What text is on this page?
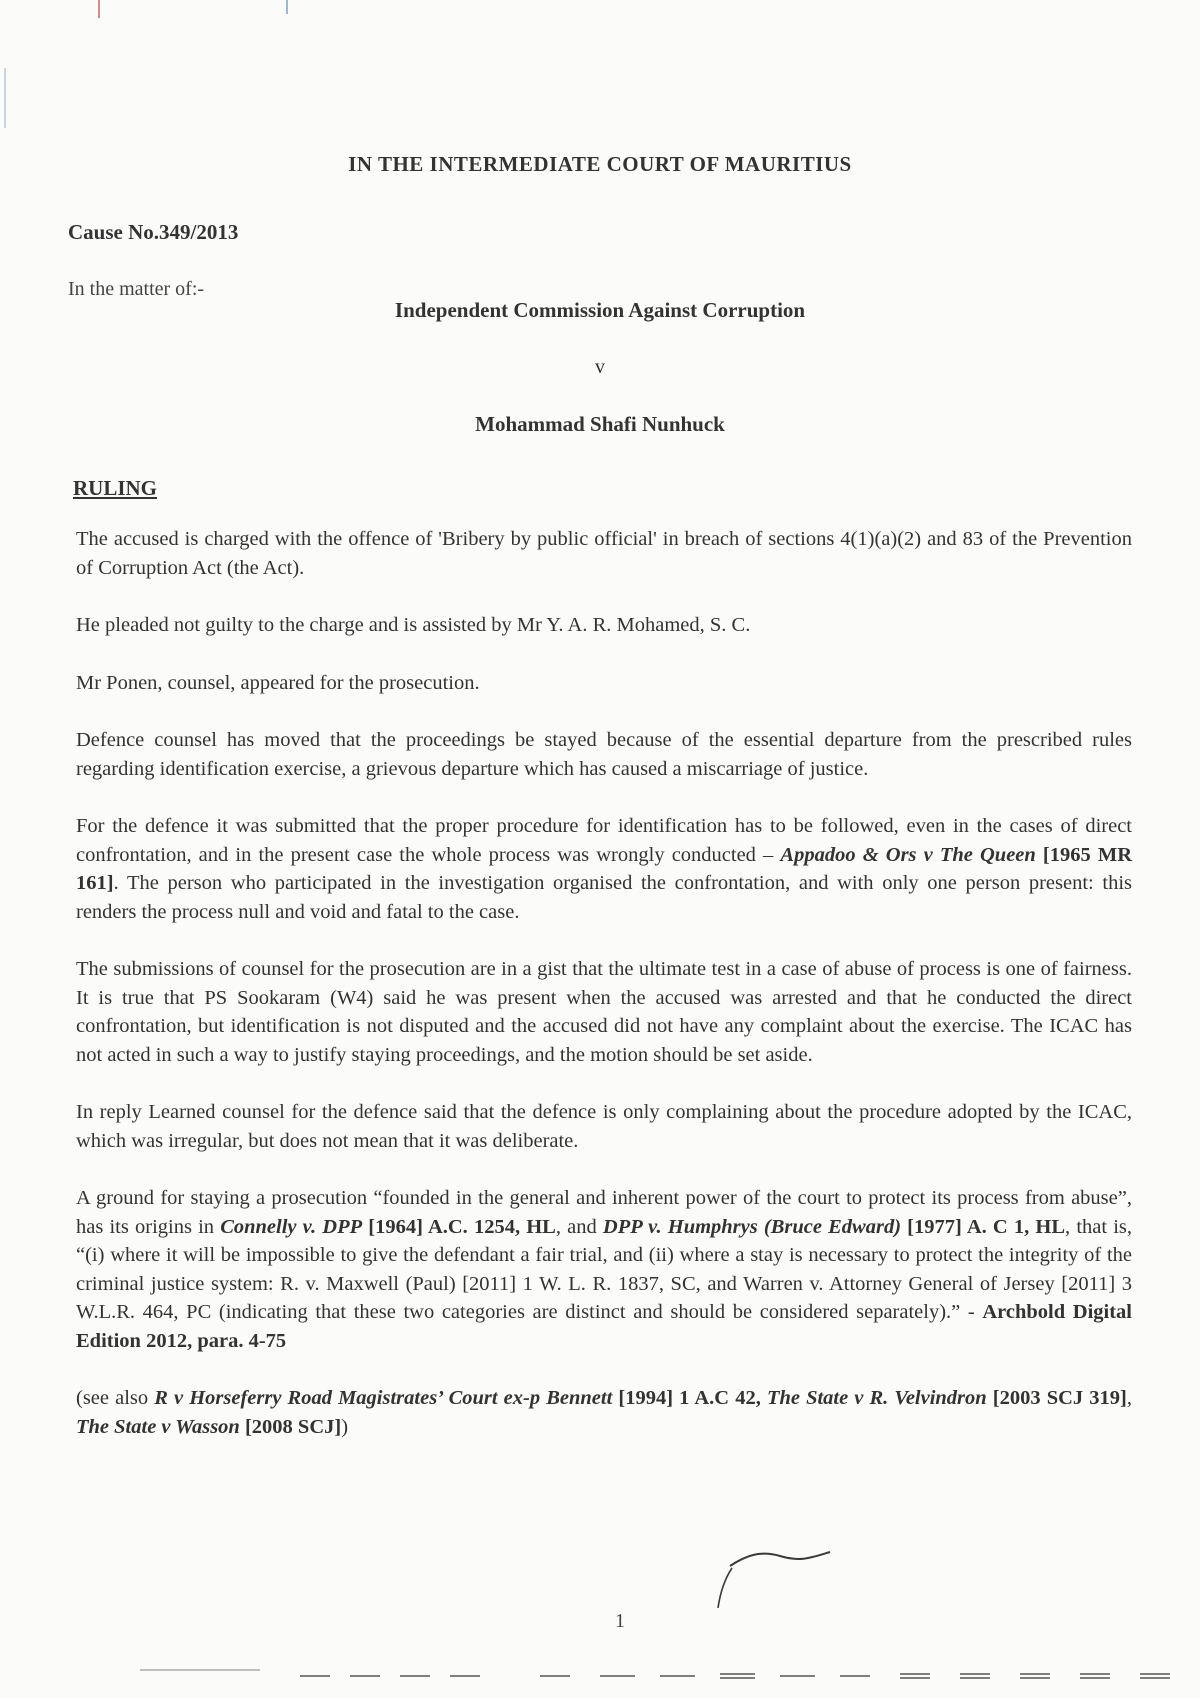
IN THE INTERMEDIATE COURT OF MAURITIUS
Cause No.349/2013
In the matter of:-
Independent Commission Against Corruption
v
Mohammad Shafi Nunhuck
RULING

The accused is charged with the offence of 'Bribery by public official' in breach of sections 4(1)(a)(2) and 83 of the Prevention of Corruption Act (the Act).

He pleaded not guilty to the charge and is assisted by Mr Y. A. R. Mohamed, S. C.

Mr Ponen, counsel, appeared for the prosecution.

Defence counsel has moved that the proceedings be stayed because of the essential departure from the prescribed rules regarding identification exercise, a grievous departure which has caused a miscarriage of justice.

For the defence it was submitted that the proper procedure for identification has to be followed, even in the cases of direct confrontation, and in the present case the whole process was wrongly conducted – Appadoo & Ors v The Queen [1965 MR 161]. The person who participated in the investigation organised the confrontation, and with only one person present: this renders the process null and void and fatal to the case.

The submissions of counsel for the prosecution are in a gist that the ultimate test in a case of abuse of process is one of fairness. It is true that PS Sookaram (W4) said he was present when the accused was arrested and that he conducted the direct confrontation, but identification is not disputed and the accused did not have any complaint about the exercise. The ICAC has not acted in such a way to justify staying proceedings, and the motion should be set aside.

In reply Learned counsel for the defence said that the defence is only complaining about the procedure adopted by the ICAC, which was irregular, but does not mean that it was deliberate.

A ground for staying a prosecution “founded in the general and inherent power of the court to protect its process from abuse”, has its origins in Connelly v. DPP [1964] A.C. 1254, HL, and DPP v. Humphrys (Bruce Edward) [1977] A. C 1, HL, that is, “(i) where it will be impossible to give the defendant a fair trial, and (ii) where a stay is necessary to protect the integrity of the criminal justice system: R. v. Maxwell (Paul) [2011] 1 W. L. R. 1837, SC, and Warren v. Attorney General of Jersey [2011] 3 W.L.R. 464, PC (indicating that these two categories are distinct and should be considered separately).” - Archbold Digital Edition 2012, para. 4-75

(see also R v Horseferry Road Magistrates’ Court ex-p Bennett [1994] 1 A.C 42, The State v R. Velvindron [2003 SCJ 319], The State v Wasson [2008 SCJ])

1
